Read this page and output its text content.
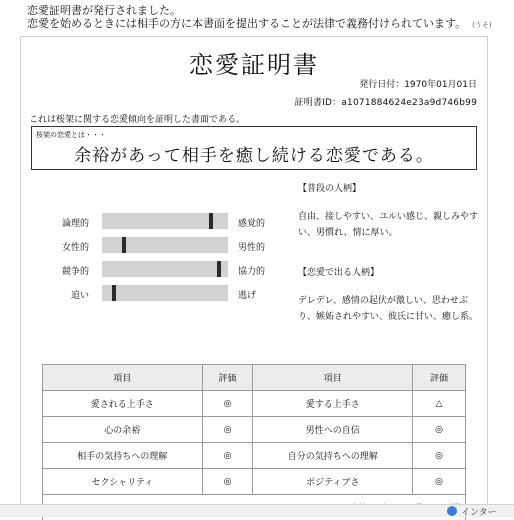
恋愛証明書が発行されました。
恋愛を始めるときには相手の方に本書面を提出することが法律で義務付けられています。 (うそ)
恋愛証明書
発行日付：1970年01月01日
証明書ID：a1071884624e23a9d746b99
これは桜架に関する恋愛傾向を証明した書面である。
桜架の恋愛とは・・・
余裕があって相手を癒し続ける恋愛である。
論理的	感覚的
女性的	男性的
競争的	協力的
追い	逃げ
【普段の人柄】
自由、接しやすい、ユルい感じ、親しみやすい、男慣れ、情に厚い。
【恋愛で出る人柄】
デレデレ、感情の起伏が激しい、思わせぶり、嫉妬されやすい、彼氏に甘い、癒し系。
項目	評価	項目	評価
愛される上手さ	◎	愛する上手さ	△
心の余裕	◎	男性への自信	◎
相手の気持ちへの理解	◎	自分の気持ちへの理解	◎
セクシャリティ	◎	ポジティブさ	◎

インター
